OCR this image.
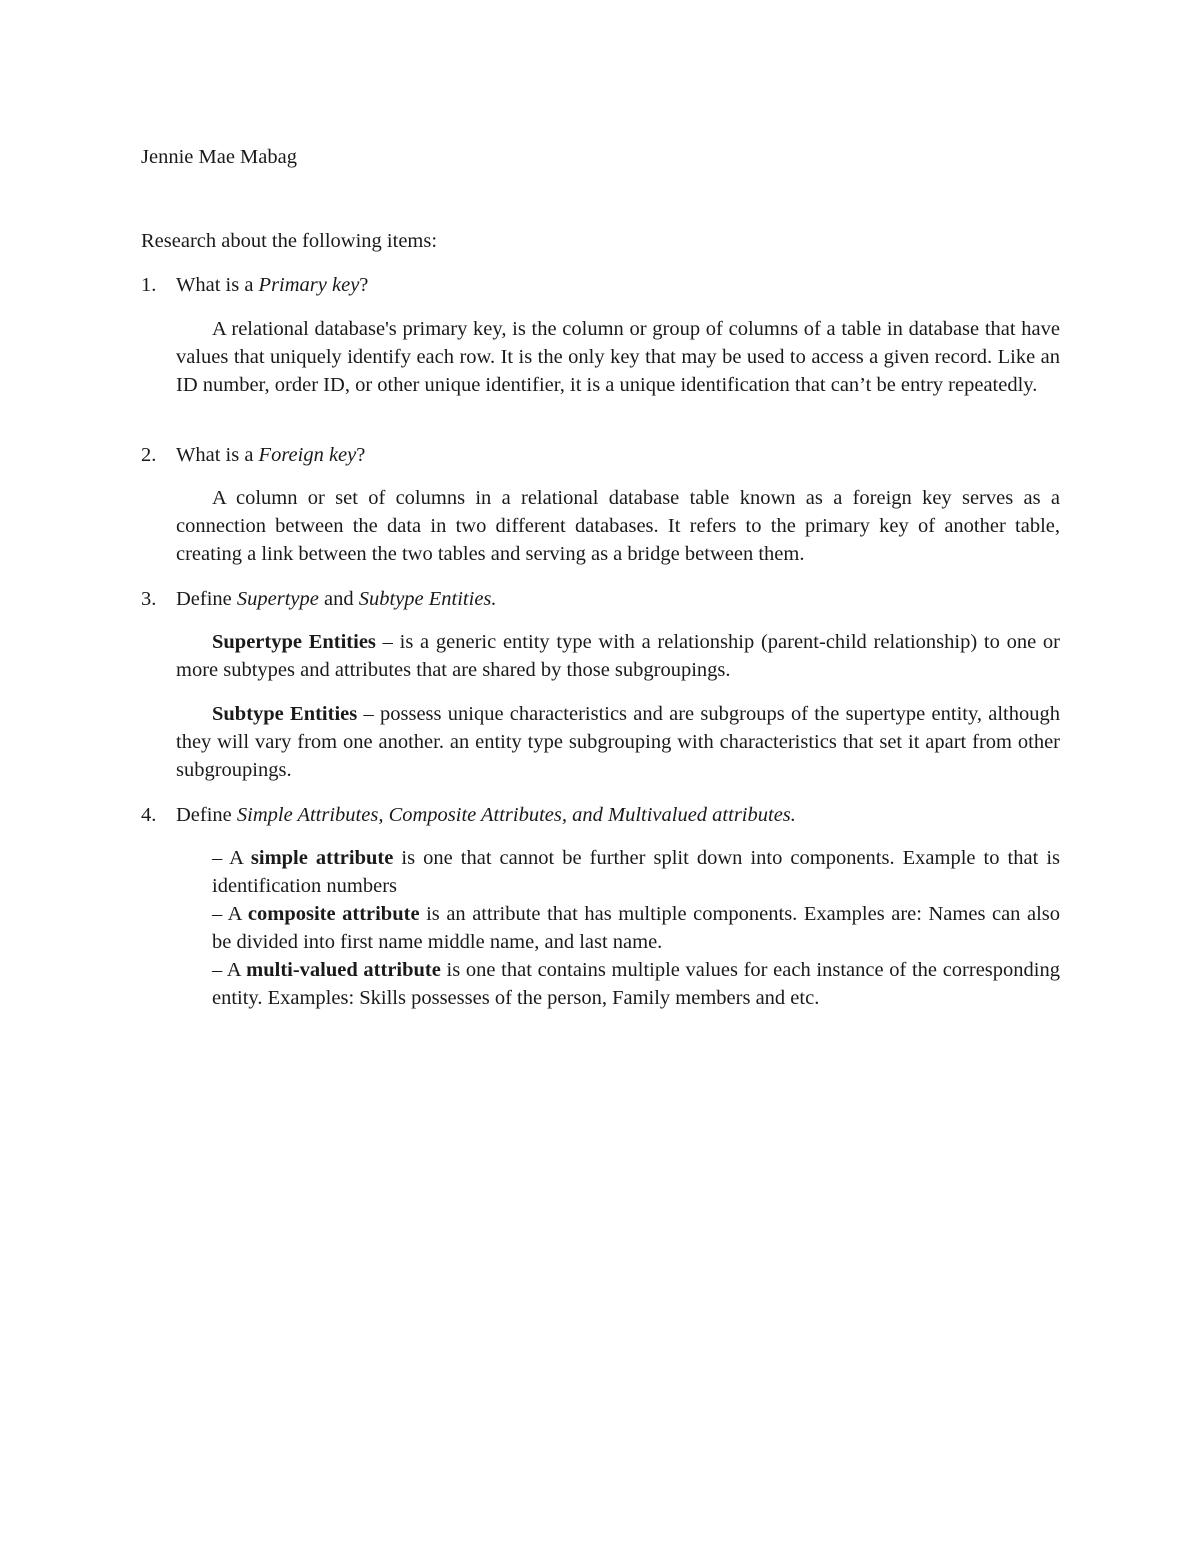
Jennie Mae Mabag
Research about the following items:
1. What is a Primary key?

A relational database's primary key, is the column or group of columns of a table in database that have values that uniquely identify each row. It is the only key that may be used to access a given record. Like an ID number, order ID, or other unique identifier, it is a unique identification that can’t be entry repeatedly.

2. What is a Foreign key?

A column or set of columns in a relational database table known as a foreign key serves as a connection between the data in two different databases. It refers to the primary key of another table, creating a link between the two tables and serving as a bridge between them.

3. Define Supertype and Subtype Entities.

Supertype Entities – is a generic entity type with a relationship (parent-child relationship) to one or more subtypes and attributes that are shared by those subgroupings.

Subtype Entities – possess unique characteristics and are subgroups of the supertype entity, although they will vary from one another. an entity type subgrouping with characteristics that set it apart from other subgroupings.

4. Define Simple Attributes, Composite Attributes, and Multivalued attributes.

– A simple attribute is one that cannot be further split down into components. Example to that is identification numbers

– A composite attribute is an attribute that has multiple components. Examples are: Names can also be divided into first name middle name, and last name.

– A multi-valued attribute is one that contains multiple values for each instance of the corresponding entity. Examples: Skills possesses of the person, Family members and etc.
